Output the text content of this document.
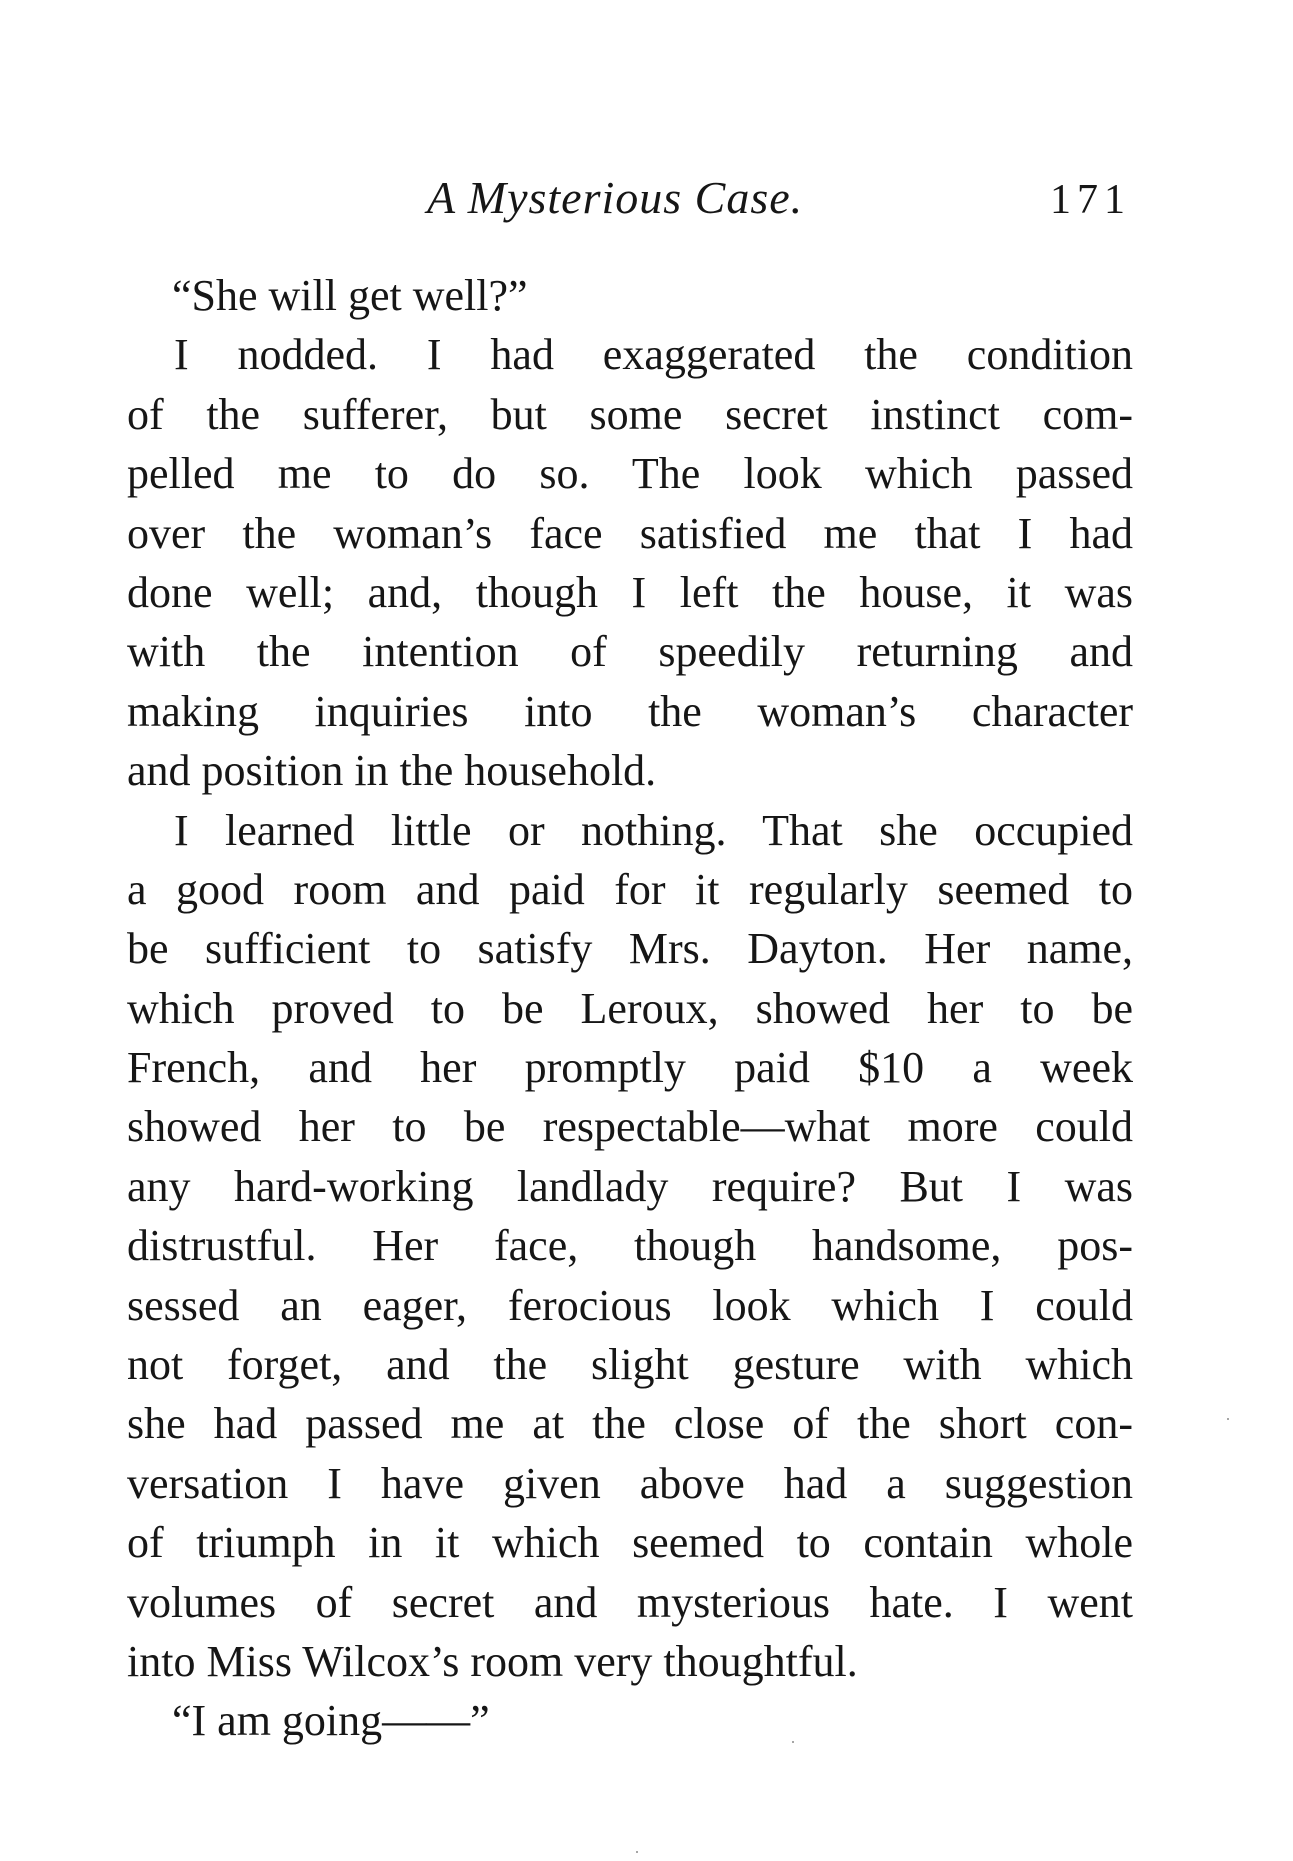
A Mysterious Case.	171
“She will get well?”
I nodded. I had exaggerated the condition
of the sufferer, but some secret instinct com-
pelled me to do so. The look which passed
over the woman’s face satisfied me that I had
done well; and, though I left the house, it was
with the intention of speedily returning and
making inquiries into the woman’s character
and position in the household.
I learned little or nothing. That she occupied
a good room and paid for it regularly seemed to
be sufficient to satisfy Mrs. Dayton. Her name,
which proved to be Leroux, showed her to be
French, and her promptly paid $10 a week
showed her to be respectable—what more could
any hard-working landlady require? But I was
distrustful. Her face, though handsome, pos-
sessed an eager, ferocious look which I could
not forget, and the slight gesture with which
she had passed me at the close of the short con-
versation I have given above had a suggestion
of triumph in it which seemed to contain whole
volumes of secret and mysterious hate. I went
into Miss Wilcox’s room very thoughtful.
“I am going——”
